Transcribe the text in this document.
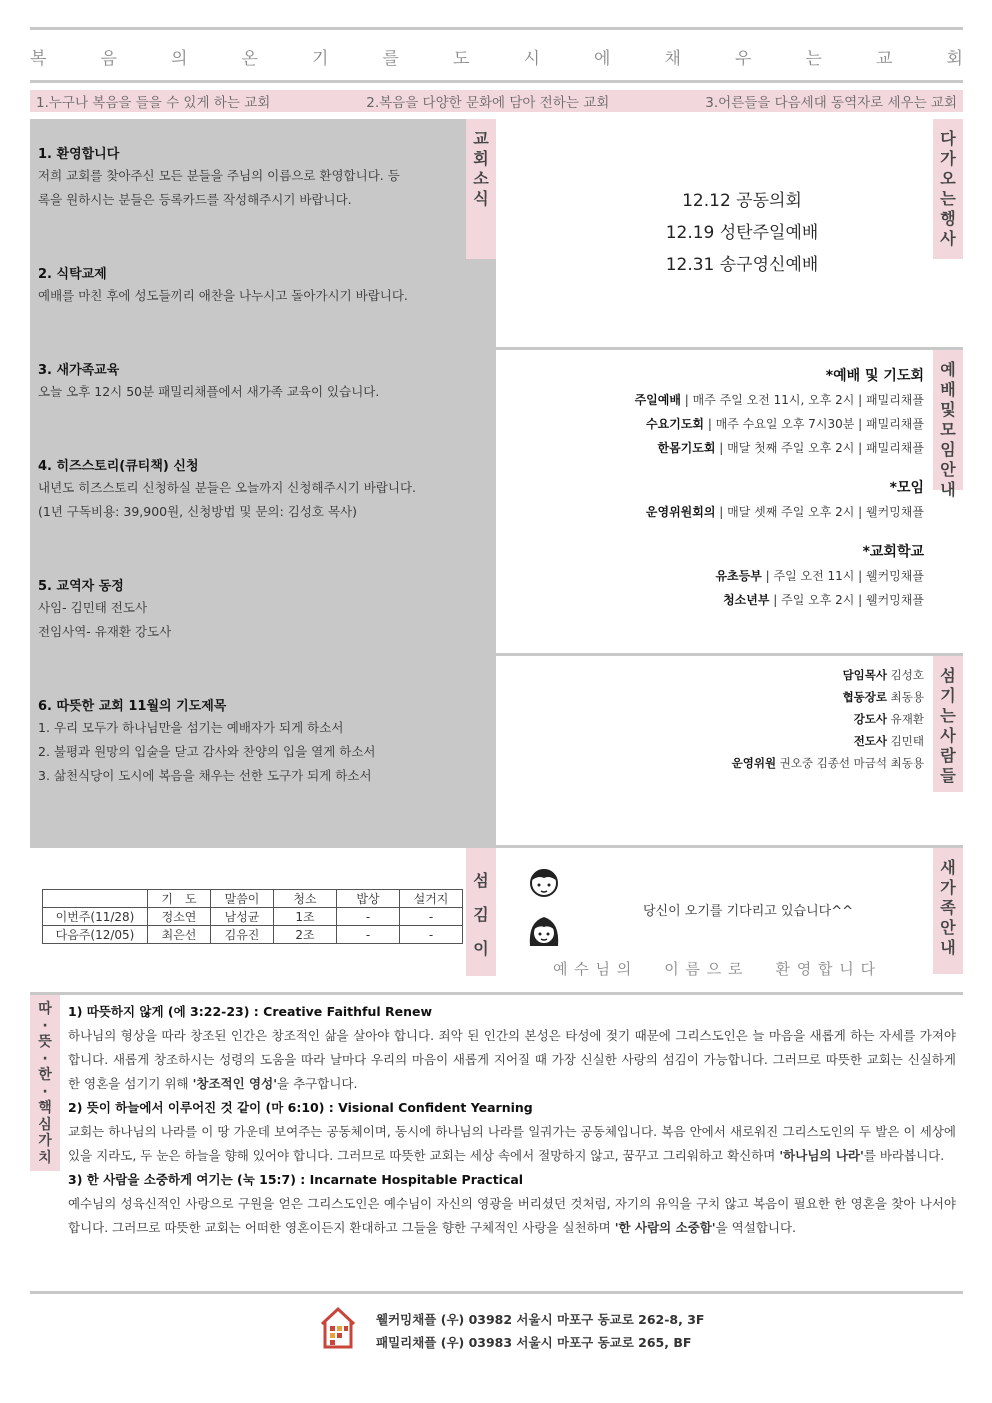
복	음	의	온	기	를	도	시	에	채	우	는	교	회
1.누구나 복음을 들을 수 있게 하는 교회	2.복음을 다양한 문화에 담아 전하는 교회	3.어른들을 다음세대 동역자로 세우는 교회
교
회
소
식
1. 환영합니다
저희 교회를 찾아주신 모든 분들을 주님의 이름으로 환영합니다. 등
록을 원하시는 분들은 등록카드를 작성해주시기 바랍니다.
2. 식탁교제
예배를 마친 후에 성도들끼리 애찬을 나누시고 돌아가시기 바랍니다.
3. 새가족교육
오늘 오후 12시 50분 패밀리채플에서 새가족 교육이 있습니다.
4. 히즈스토리(큐티책) 신청
내년도 히즈스토리 신청하실 분들은 오늘까지 신청해주시기 바랍니다.
(1년 구독비용: 39,900원, 신청방법 및 문의: 김성호 목사)
5. 교역자 동정
사임- 김민태 전도사
전임사역- 유재환 강도사
6. 따뜻한 교회 11월의 기도제목
1. 우리 모두가 하나님만을 섬기는 예배자가 되게 하소서
2. 불평과 원망의 입술을 닫고 감사와 찬양의 입을 열게 하소서
3. 삶천식당이 도시에 복음을 채우는 선한 도구가 되게 하소서
다
가
오
는
행
사
12.12 공동의회
12.19 성탄주일예배
12.31 송구영신예배
예
배
및
모
임
안
내
*예배 및 기도회
주일예배 | 매주 주일 오전 11시, 오후 2시 | 패밀리채플
수요기도회 | 매주 수요일 오후 7시30분 | 패밀리채플
한몸기도회 | 매달 첫째 주일 오후 2시 | 패밀리채플
*모임
운영위원회의 | 매달 셋째 주일 오후 2시 | 웰커밍채플
*교회학교
유초등부 | 주일 오전 11시 | 웰커밍채플
청소년부 | 주일 오후 2시 | 웰커밍채플
섬
기
는
사
람
들
담임목사 김성호
협동장로 최동용
강도사 유재환
전도사 김민태
운영위원 권오중 김종선 마금석 최동용
섬
김
이
	기　도	말씀이	청소	밥상	설거지
이번주(11/28)	정소연	남성균	1조	-	-
다음주(12/05)	최은선	김유진	2조	-	-
새
가
족
안
내
당신이 오기를 기다리고 있습니다^^
예 수 님 의　　이 름 으 로　　환 영 합 니 다
따
·
뜻
·
한
·
핵
심
가
치
1) 따뜻하지 않게 (에 3:22-23) : Creative Faithful Renew
하나님의 형상을 따라 창조된 인간은 창조적인 삶을 살아야 합니다. 죄악 된 인간의 본성은 타성에 젖기 때문에 그리스도인은 늘 마음을 새롭게 하는 자세를 가져야합니다. 새롭게 창조하시는 성령의 도움을 따라 날마다 우리의 마음이 새롭게 지어질 때 가장 신실한 사랑의 섬김이 가능합니다. 그러므로 따뜻한 교회는 신실하게 한 영혼을 섬기기 위해 '창조적인 영성'을 추구합니다.
2) 뜻이 하늘에서 이루어진 것 같이 (마 6:10) : Visional Confident Yearning
교회는 하나님의 나라를 이 땅 가운데 보여주는 공동체이며, 동시에 하나님의 나라를 일궈가는 공동체입니다. 복음 안에서 새로워진 그리스도인의 두 발은 이 세상에 있을 지라도, 두 눈은 하늘을 향해 있어야 합니다. 그러므로 따뜻한 교회는 세상 속에서 절망하지 않고, 꿈꾸고 그리워하고 확신하며 '하나님의 나라'를 바라봅니다.
3) 한 사람을 소중하게 여기는 (눅 15:7) : Incarnate Hospitable Practical
예수님의 성육신적인 사랑으로 구원을 얻은 그리스도인은 예수님이 자신의 영광을 버리셨던 것처럼, 자기의 유익을 구치 않고 복음이 필요한 한 영혼을 찾아 나서야 합니다. 그러므로 따뜻한 교회는 어떠한 영혼이든지 환대하고 그들을 향한 구체적인 사랑을 실천하며 '한 사람의 소중함'을 역설합니다.
웰커밍채플 (우) 03982 서울시 마포구 동교로 262-8, 3F
패밀리채플 (우) 03983 서울시 마포구 동교로 265, BF
